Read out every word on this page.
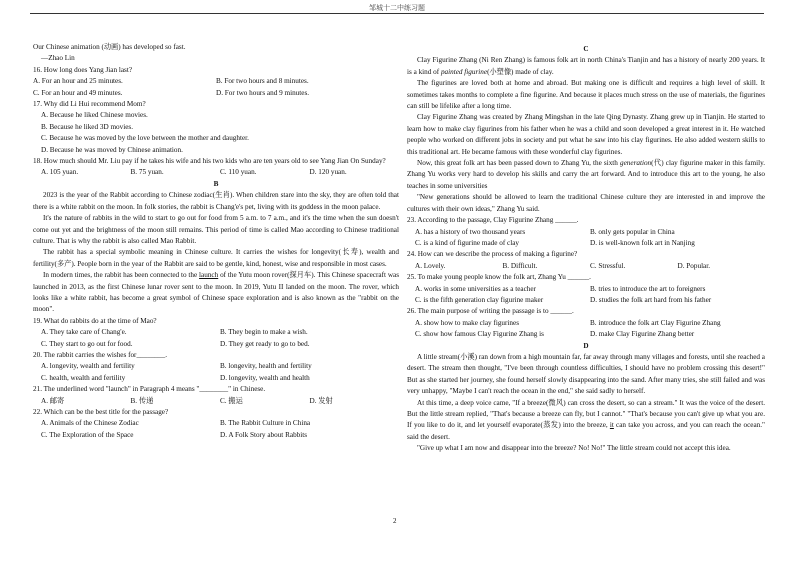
邹城十二中练习题

Our Chinese animation (动画) has developed so fast.

—Zhao Lin

16. How long does Yang Jian last?

A. For an hour and 25 minutes.	B. For two hours and 8 minutes.
C. For an hour and 49 minutes.	D. For two hours and 9 minutes.

17. Why did Li Hui recommend Mom?

A. Because he liked Chinese movies.

B. Because he liked 3D movies.

C. Because he was moved by the love between the mother and daughter.

D. Because he was moved by Chinese animation.

18. How much should Mr. Liu pay if he takes his wife and his two kids who are ten years old to see Yang Jian On Sunday?

A. 105 yuan.	B. 75 yuan.	C. 110 yuan.	D. 120 yuan.

B

2023 is the year of the Rabbit according to Chinese zodiac(生肖). When children stare into the sky, they are often told that there is a white rabbit on the moon. In folk stories, the rabbit is Chang'e's pet, living with its goddess in the moon palace.

It's the nature of rabbits in the wild to start to go out for food from 5 a.m. to 7 a.m., and it's the time when the sun doesn't come out yet and the brightness of the moon still remains. This period of time is called Mao according to Chinese traditional culture. That is why the rabbit is also called Mao Rabbit.

The rabbit has a special symbolic meaning in Chinese culture. It carries the wishes for longevity(长寿), wealth and fertility(多产). People born in the year of the Rabbit are said to be gentle, kind, honest, wise and responsible in most cases.

In modern times, the rabbit has been connected to the launch of the Yutu moon rover(探月车). This Chinese spacecraft was launched in 2013, as the first Chinese lunar rover sent to the moon. In 2019, Yutu II landed on the moon. The rover, which looks like a white rabbit, has become a great symbol of Chinese space exploration and is also known as the "rabbit on the moon".

19. What do rabbits do at the time of Mao?

A. They take care of Chang'e.	B. They begin to make a wish.
C. They start to go out for food.	D. They get ready to go to bed.

20. The rabbit carries the wishes for________.

A. longevity, wealth and fertility	B. longevity, health and fertility
C. health, wealth and fertility	D. longevity, wealth and health

21. The underlined word "launch" in Paragraph 4 means "________" in Chinese.

A. 邮寄	B. 传递	C. 搬运	D. 发射

22. Which can be the best title for the passage?

A. Animals of the Chinese Zodiac	B. The Rabbit Culture in China
C. The Exploration of the Space	D. A Folk Story about Rabbits

C

Clay Figurine Zhang (Ni Ren Zhang) is famous folk art in north China's Tianjin and has a history of nearly 200 years. It is a kind of painted figurine(小塑像) made of clay.

The figurines are loved both at home and abroad. But making one is difficult and requires a high level of skill. It sometimes takes months to complete a fine figurine. And because it places much stress on the use of materials, the figurines can still be lifelike after a long time.

Clay Figurine Zhang was created by Zhang Mingshan in the late Qing Dynasty. Zhang grew up in Tianjin. He started to learn how to make clay figurines from his father when he was a child and soon developed a great interest in it. He watched people who worked on different jobs in society and put what he saw into his clay figurines. He also added western skills to this traditional art. He became famous with these wonderful clay figurines.

Now, this great folk art has been passed down to Zhang Yu, the sixth generation(代) clay figurine maker in this family. Zhang Yu works very hard to develop his skills and carry the art forward. And to introduce this art to the young, he also teaches in some universities

"New generations should be allowed to learn the traditional Chinese culture they are interested in and improve the cultures with their own ideas," Zhang Yu said.

23. According to the passage, Clay Figurine Zhang ______.

A. has a history of two thousand years	B. only gets popular in China
C. is a kind of figurine made of clay	D. is well-known folk art in Nanjing

24. How can we describe the process of making a figurine?

A. Lovely.	B. Difficult.	C. Stressful.	D. Popular.

25. To make young people know the folk art, Zhang Yu ______.

A. works in some universities as a teacher	B. tries to introduce the art to foreigners
C. is the fifth generation clay figurine maker	D. studies the folk art hard from his father

26. The main purpose of writing the passage is to ______.

A. show how to make clay figurines	B. introduce the folk art Clay Figurine Zhang
C. show how famous Clay Figurine Zhang is	D. make Clay Figurine Zhang better

D

A little stream(小溪) ran down from a high mountain far, far away through many villages and forests, until she reached a desert. The stream then thought, "I've been through countless difficulties, I should have no problem crossing this desert!" But as she started her journey, she found herself slowly disappearing into the sand. After many tries, she still failed and was very unhappy, "Maybe I can't reach the ocean in the end," she said sadly to herself.

At this time, a deep voice came, "If a breeze(微风) can cross the desert, so can a stream." It was the voice of the desert. But the little stream replied, "That's because a breeze can fly, but I cannot." "That's because you can't give up what you are. If you like to do it, and let yourself evaporate(蒸发) into the breeze, it can take you across, and you can reach the ocean." said the desert.

"Give up what I am now and disappear into the breeze? No! No!" The little stream could not accept this idea.

2
